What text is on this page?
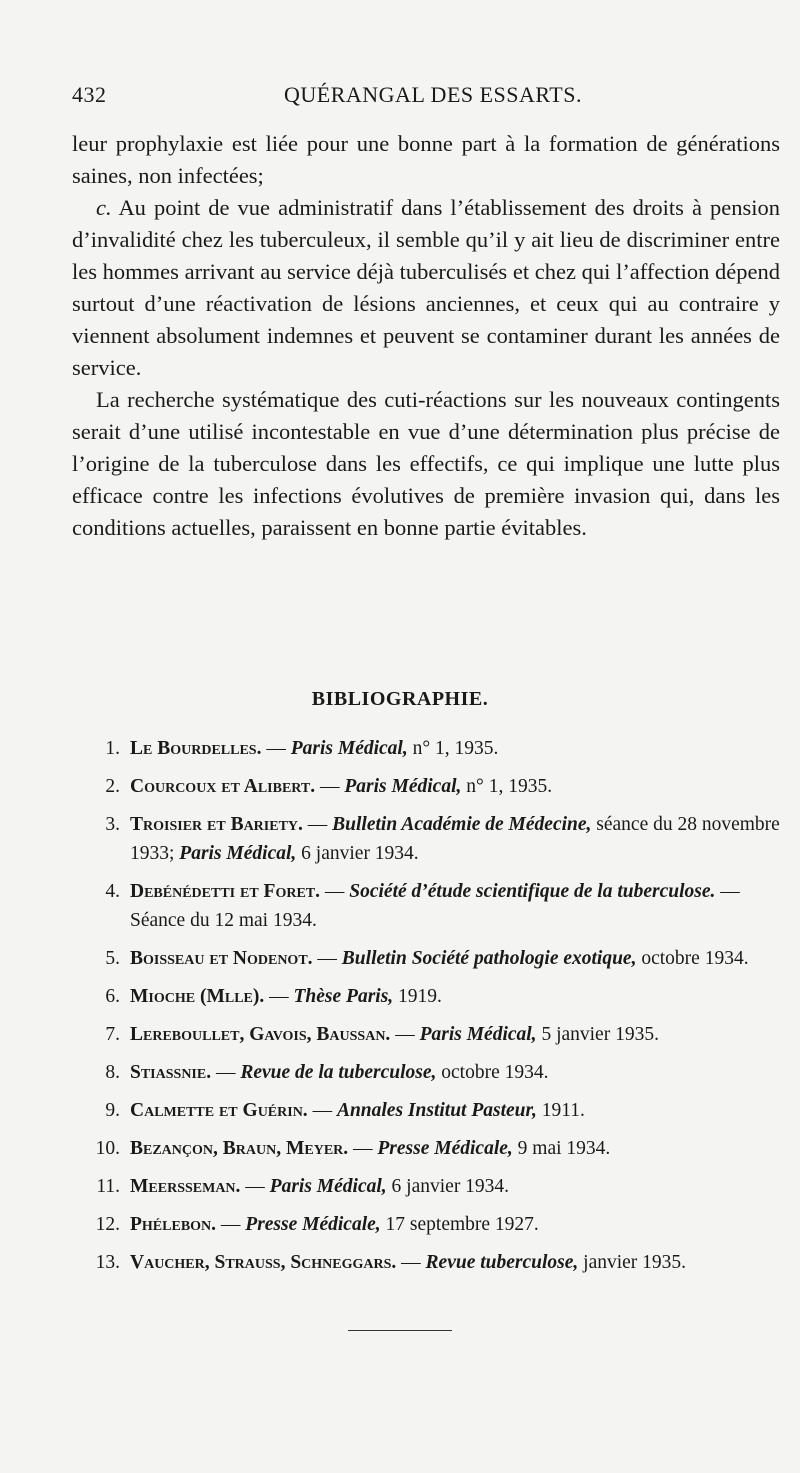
432	QUÉRANGAL DES ESSARTS.

leur prophylaxie est liée pour une bonne part à la formation de générations saines, non infectées;

c. Au point de vue administratif dans l’établissement des droits à pension d’invalidité chez les tuberculeux, il semble qu’il y ait lieu de discriminer entre les hommes arrivant au service déjà tuberculisés et chez qui l’affection dépend surtout d’une réactivation de lésions anciennes, et ceux qui au contraire y viennent absolument indemnes et peuvent se contaminer durant les années de service.

La recherche systématique des cuti-réactions sur les nouveaux contingents serait d’une utilisé incontestable en vue d’une détermination plus précise de l’origine de la tuberculose dans les effectifs, ce qui implique une lutte plus efficace contre les infections évolutives de première invasion qui, dans les conditions actuelles, paraissent en bonne partie évitables.

BIBLIOGRAPHIE.
1. Le Bourdelles. — Paris Médical, n° 1, 1935.
2. Courcoux et Alibert. — Paris Médical, n° 1, 1935.
3. Troisier et Bariety. — Bulletin Académie de Médecine, séance du 28 novembre 1933; Paris Médical, 6 janvier 1934.
4. Debénédetti et Foret. — Société d’étude scientifique de la tuberculose. — Séance du 12 mai 1934.
5. Boisseau et Nodenot. — Bulletin Société pathologie exotique, octobre 1934.
6. Mioche (Mlle). — Thèse Paris, 1919.
7. Lereboullet, Gavois, Baussan. — Paris Médical, 5 janvier 1935.
8. Stiassnie. — Revue de la tuberculose, octobre 1934.
9. Calmette et Guérin. — Annales Institut Pasteur, 1911.
10. Bezançon, Braun, Meyer. — Presse Médicale, 9 mai 1934.
11. Meersseman. — Paris Médical, 6 janvier 1934.
12. Phélebon. — Presse Médicale, 17 septembre 1927.
13. Vaucher, Strauss, Schneggars. — Revue tuberculose, janvier 1935.
